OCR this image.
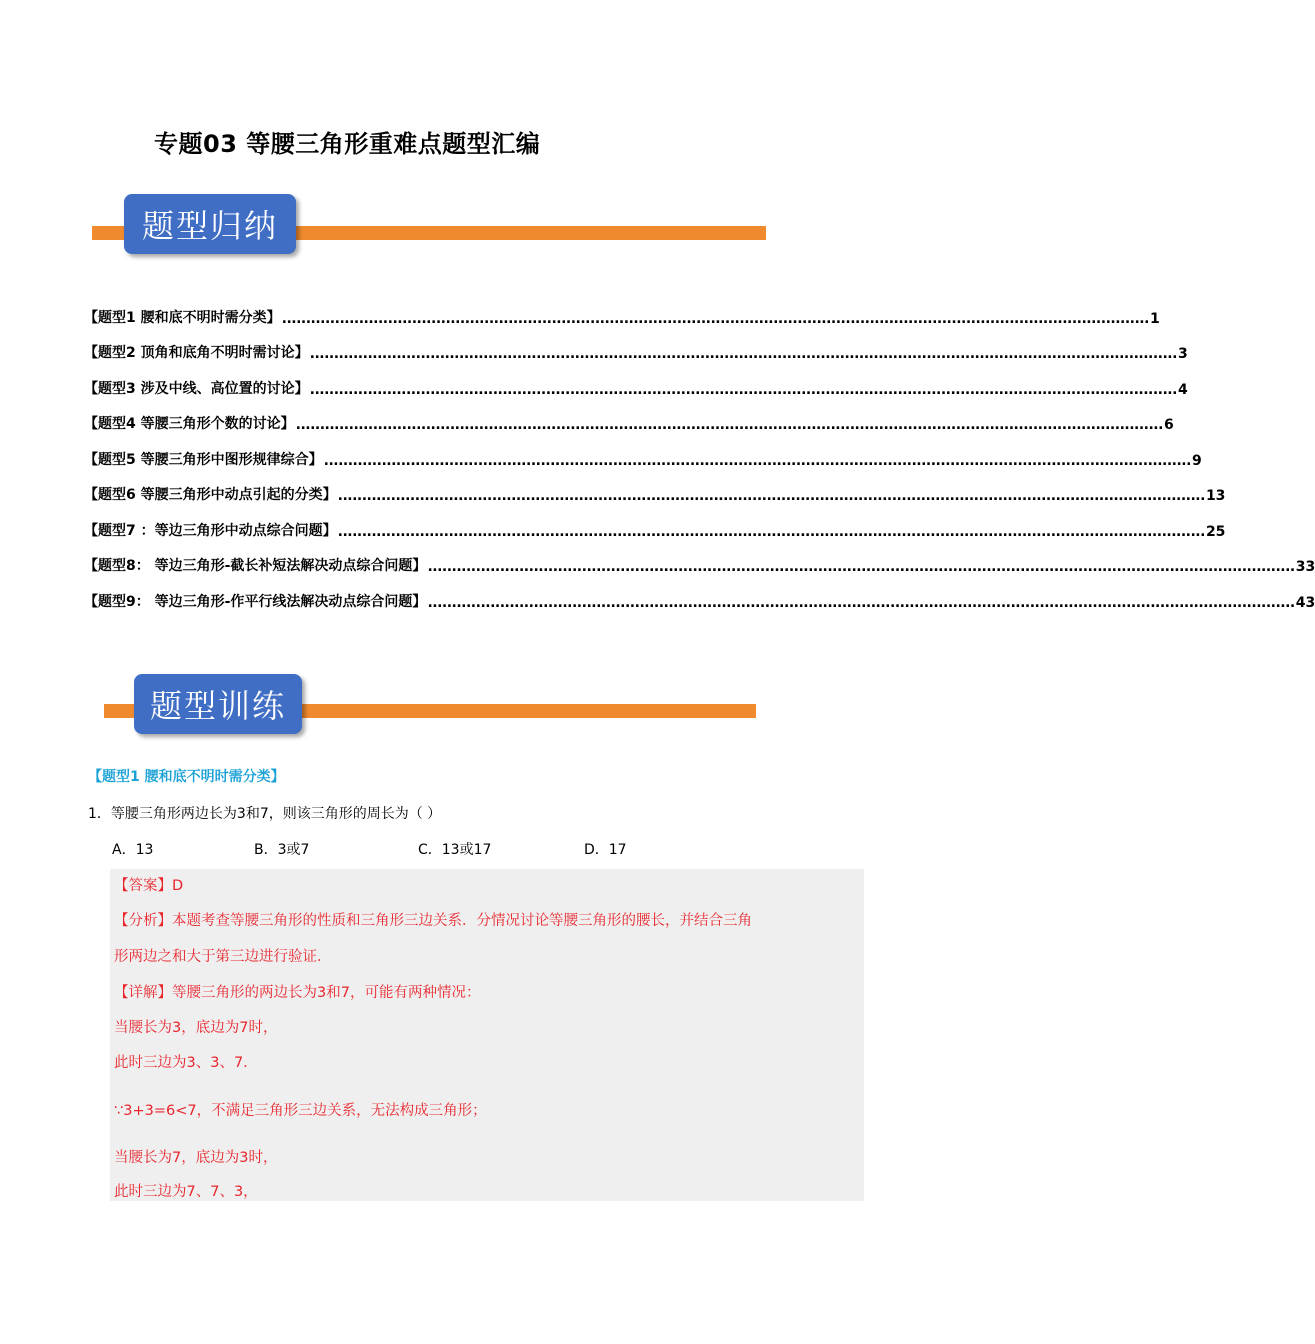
专题03 等腰三角形重难点题型汇编
题型归纳
【题型1 腰和底不明时需分类】 .................................................................................................................................................................................... 1
【题型2 顶角和底角不明时需讨论】 .................................................................................................................................................................................... 3
【题型3 涉及中线、高位置的讨论】 .................................................................................................................................................................................... 4
【题型4 等腰三角形个数的讨论】 .................................................................................................................................................................................... 6
【题型5 等腰三角形中图形规律综合】 .................................................................................................................................................................................... 9
【题型6 等腰三角形中动点引起的分类】 .................................................................................................................................................................................... 13
【题型7 ：等边三角形中动点综合问题】 .................................................................................................................................................................................... 25
【题型8： 等边三角形-截长补短法解决动点综合问题】 .................................................................................................................................................................................... 33
【题型9： 等边三角形-作平行线法解决动点综合问题】 .................................................................................................................................................................................... 43
题型训练
【题型1 腰和底不明时需分类】
1．等腰三角形两边长为3和7，则该三角形的周长为（ ）
A．13	B．3或7	C．13或17	D．17
【答案】D
【分析】本题考查等腰三角形的性质和三角形三边关系．分情况讨论等腰三角形的腰长，并结合三角
形两边之和大于第三边进行验证．
【详解】等腰三角形的两边长为3和7，可能有两种情况：
当腰长为3，底边为7时，
此时三边为3、3、7．
∵3+3=6<7，不满足三角形三边关系，无法构成三角形；
当腰长为7，底边为3时，
此时三边为7、7、3，
